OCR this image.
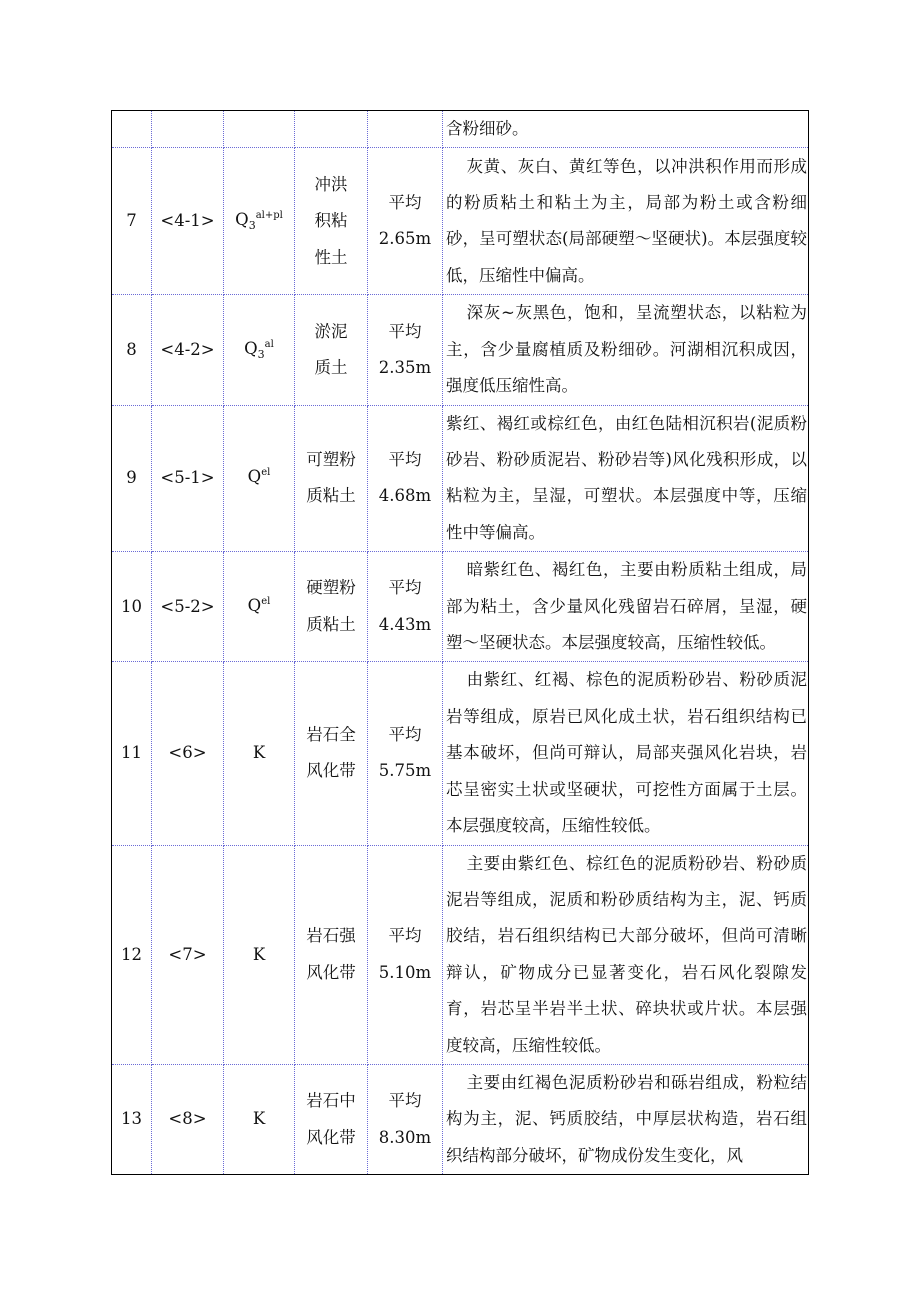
					含粉细砂。

7	<4-1>	$Q_3^{al+pl}$	冲洪积粘性土	平均2.65m	灰黄、灰白、黄红等色，以冲洪积作用而形成的粉质粘土和粘土为主，局部为粉土或含粉细砂，呈可塑状态(局部硬塑～坚硬状)。本层强度较低，压缩性中偏高。

8	<4-2>	$Q_3^{al}$	淤泥质土	平均2.35m	深灰~灰黑色，饱和，呈流塑状态，以粘粒为主，含少量腐植质及粉细砂。河湖相沉积成因，强度低压缩性高。

9	<5-1>	$Q^{el}$	可塑粉质粘土	平均4.68m	紫红、褐红或棕红色，由红色陆相沉积岩(泥质粉砂岩、粉砂质泥岩、粉砂岩等)风化残积形成，以粘粒为主，呈湿，可塑状。本层强度中等，压缩性中等偏高。

10	<5-2>	$Q^{el}$	硬塑粉质粘土	平均4.43m	暗紫红色、褐红色，主要由粉质粘土组成，局部为粘土，含少量风化残留岩石碎屑，呈湿，硬塑～坚硬状态。本层强度较高，压缩性较低。

11	<6>	K	岩石全风化带	平均5.75m	由紫红、红褐、棕色的泥质粉砂岩、粉砂质泥岩等组成，原岩已风化成土状，岩石组织结构已基本破坏，但尚可辩认，局部夹强风化岩块，岩芯呈密实土状或坚硬状，可挖性方面属于土层。本层强度较高，压缩性较低。

12	<7>	K	岩石强风化带	平均5.10m	主要由紫红色、棕红色的泥质粉砂岩、粉砂质泥岩等组成，泥质和粉砂质结构为主，泥、钙质胶结，岩石组织结构已大部分破坏，但尚可清晰辩认，矿物成分已显著变化，岩石风化裂隙发育，岩芯呈半岩半土状、碎块状或片状。本层强度较高，压缩性较低。

13	<8>	K	岩石中风化带	平均8.30m	主要由红褐色泥质粉砂岩和砾岩组成，粉粒结构为主，泥、钙质胶结，中厚层状构造，岩石组织结构部分破坏，矿物成份发生变化，风
